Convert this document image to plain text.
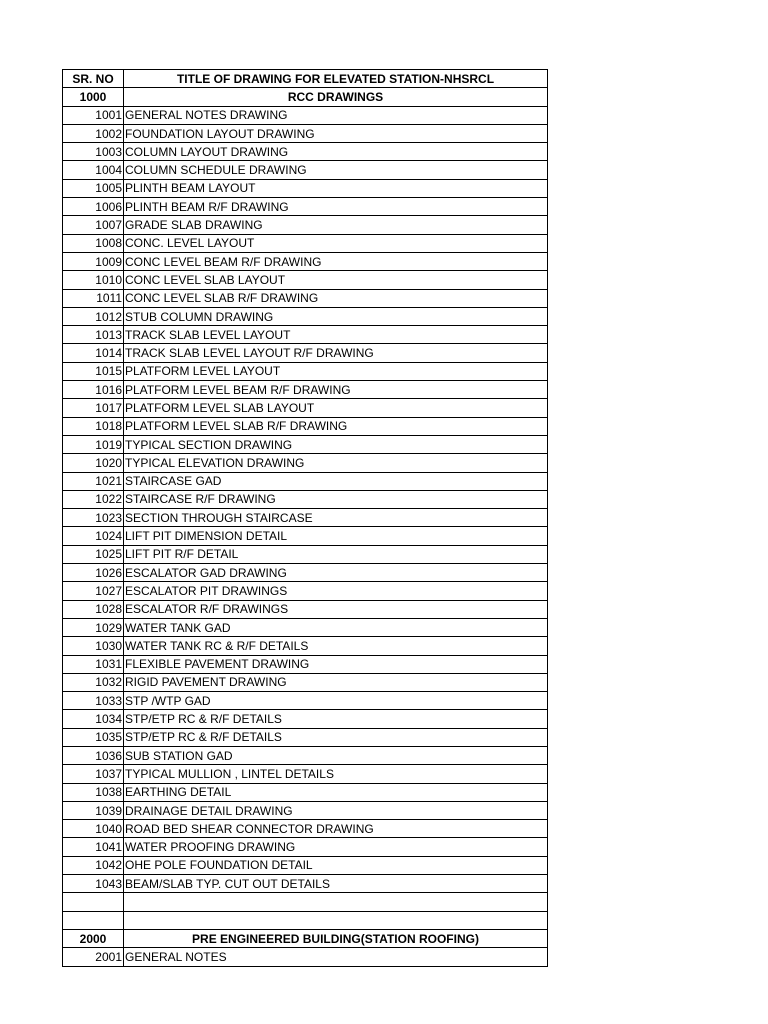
SR. NO	TITLE OF DRAWING FOR ELEVATED STATION-NHSRCL
1000	RCC DRAWINGS
1001	GENERAL NOTES DRAWING
1002	FOUNDATION LAYOUT DRAWING
1003	COLUMN LAYOUT DRAWING
1004	COLUMN SCHEDULE DRAWING
1005	PLINTH BEAM LAYOUT
1006	PLINTH BEAM R/F DRAWING
1007	GRADE SLAB DRAWING
1008	CONC. LEVEL LAYOUT
1009	CONC LEVEL BEAM R/F DRAWING
1010	CONC LEVEL SLAB LAYOUT
1011	CONC LEVEL SLAB R/F DRAWING
1012	STUB COLUMN DRAWING
1013	TRACK SLAB LEVEL LAYOUT
1014	TRACK SLAB LEVEL LAYOUT R/F DRAWING
1015	PLATFORM LEVEL LAYOUT
1016	PLATFORM LEVEL BEAM R/F DRAWING
1017	PLATFORM LEVEL SLAB LAYOUT
1018	PLATFORM LEVEL SLAB R/F DRAWING
1019	TYPICAL SECTION DRAWING
1020	TYPICAL ELEVATION DRAWING
1021	STAIRCASE GAD
1022	STAIRCASE R/F DRAWING
1023	SECTION THROUGH STAIRCASE
1024	LIFT PIT DIMENSION DETAIL
1025	LIFT PIT R/F DETAIL
1026	ESCALATOR GAD DRAWING
1027	ESCALATOR PIT DRAWINGS
1028	ESCALATOR R/F DRAWINGS
1029	WATER TANK GAD
1030	WATER TANK RC & R/F DETAILS
1031	FLEXIBLE PAVEMENT DRAWING
1032	RIGID PAVEMENT DRAWING
1033	STP /WTP GAD
1034	STP/ETP RC & R/F DETAILS
1035	STP/ETP RC & R/F DETAILS
1036	SUB STATION GAD
1037	TYPICAL MULLION , LINTEL DETAILS
1038	EARTHING DETAIL
1039	DRAINAGE DETAIL DRAWING
1040	ROAD BED SHEAR CONNECTOR DRAWING
1041	WATER PROOFING DRAWING
1042	OHE POLE FOUNDATION DETAIL
1043	BEAM/SLAB TYP. CUT OUT DETAILS

2000	PRE ENGINEERED BUILDING(STATION ROOFING)
2001	GENERAL NOTES
